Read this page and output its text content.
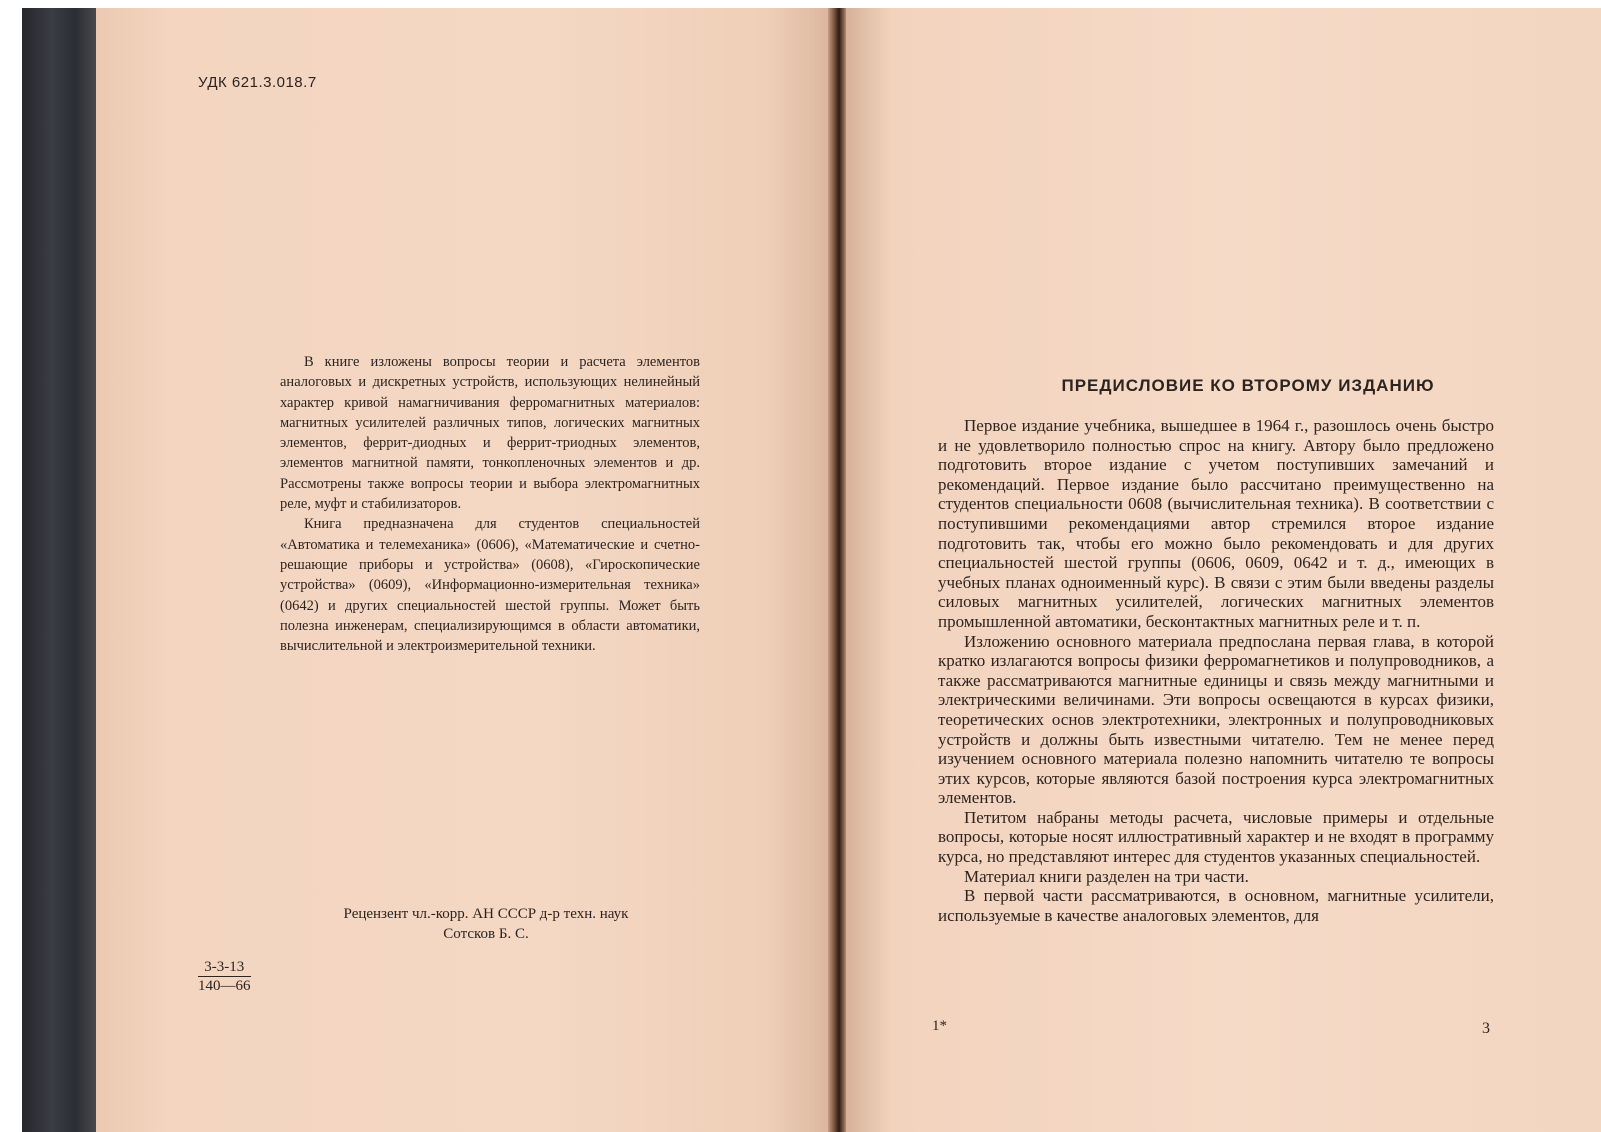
УДК 621.3.018.7

В книге изложены вопросы теории и расчета элементов аналоговых и дискретных устройств, использующих нелинейный характер кривой намагничивания ферромагнитных материалов: магнитных усилителей различных типов, логических магнитных элементов, феррит-диодных и феррит-триодных элементов, элементов магнитной памяти, тонкопленочных элементов и др. Рассмотрены также вопросы теории и выбора электромагнитных реле, муфт и стабилизаторов.

Книга предназначена для студентов специальностей «Автоматика и телемеханика» (0606), «Математические и счетно-решающие приборы и устройства» (0608), «Гироскопические устройства» (0609), «Информационно-измерительная техника» (0642) и других специальностей шестой группы. Может быть полезна инженерам, специализирующимся в области автоматики, вычислительной и электроизмерительной техники.

Рецензент чл.-корр. АН СССР д-р техн. наук
Сотсков Б. С.
3-3-13
140—66
ПРЕДИСЛОВИЕ КО ВТОРОМУ ИЗДАНИЮ

Первое издание учебника, вышедшее в 1964 г., разошлось очень быстро и не удовлетворило полностью спрос на книгу. Автору было предложено подготовить второе издание с учетом поступивших замечаний и рекомендаций. Первое издание было рассчитано преимущественно на студентов специальности 0608 (вычислительная техника). В соответствии с поступившими рекомендациями автор стремился второе издание подготовить так, чтобы его можно было рекомендовать и для других специальностей шестой группы (0606, 0609, 0642 и т. д., имеющих в учебных планах одноименный курс). В связи с этим были введены разделы силовых магнитных усилителей, логических магнитных элементов промышленной автоматики, бесконтактных магнитных реле и т. п.

Изложению основного материала предпослана первая глава, в которой кратко излагаются вопросы физики ферромагнетиков и полупроводников, а также рассматриваются магнитные единицы и связь между магнитными и электрическими величинами. Эти вопросы освещаются в курсах физики, теоретических основ электротехники, электронных и полупроводниковых устройств и должны быть известными читателю. Тем не менее перед изучением основного материала полезно напомнить читателю те вопросы этих курсов, которые являются базой построения курса электромагнитных элементов.

Петитом набраны методы расчета, числовые примеры и отдельные вопросы, которые носят иллюстративный характер и не входят в программу курса, но представляют интерес для студентов указанных специальностей.

Материал книги разделен на три части.

В первой части рассматриваются, в основном, магнитные усилители, используемые в качестве аналоговых элементов, для

1*	3
